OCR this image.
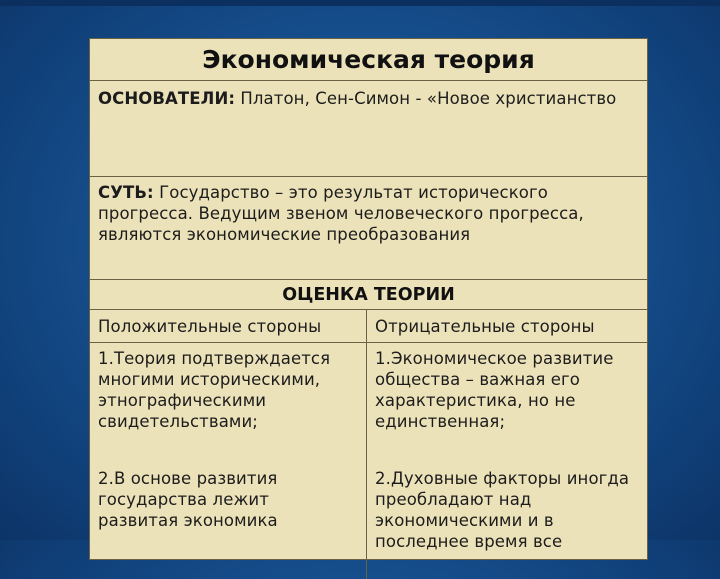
Экономическая теория
ОСНОВАТЕЛИ: Платон, Сен-Симон - «Новое христианство
СУТЬ: Государство – это результат исторического прогресса. Ведущим звеном человеческого прогресса, являются экономические преобразования
ОЦЕНКА ТЕОРИИ
Положительные стороны	Отрицательные стороны
1.Теория подтверждается многими историческими, этнографическими свидетельствами;
2.В основе развития государства лежит развитая экономика
1.Экономическое развитие общества – важная его характеристика, но не единственная;
2.Духовные факторы иногда преобладают над экономическими и в последнее время все
